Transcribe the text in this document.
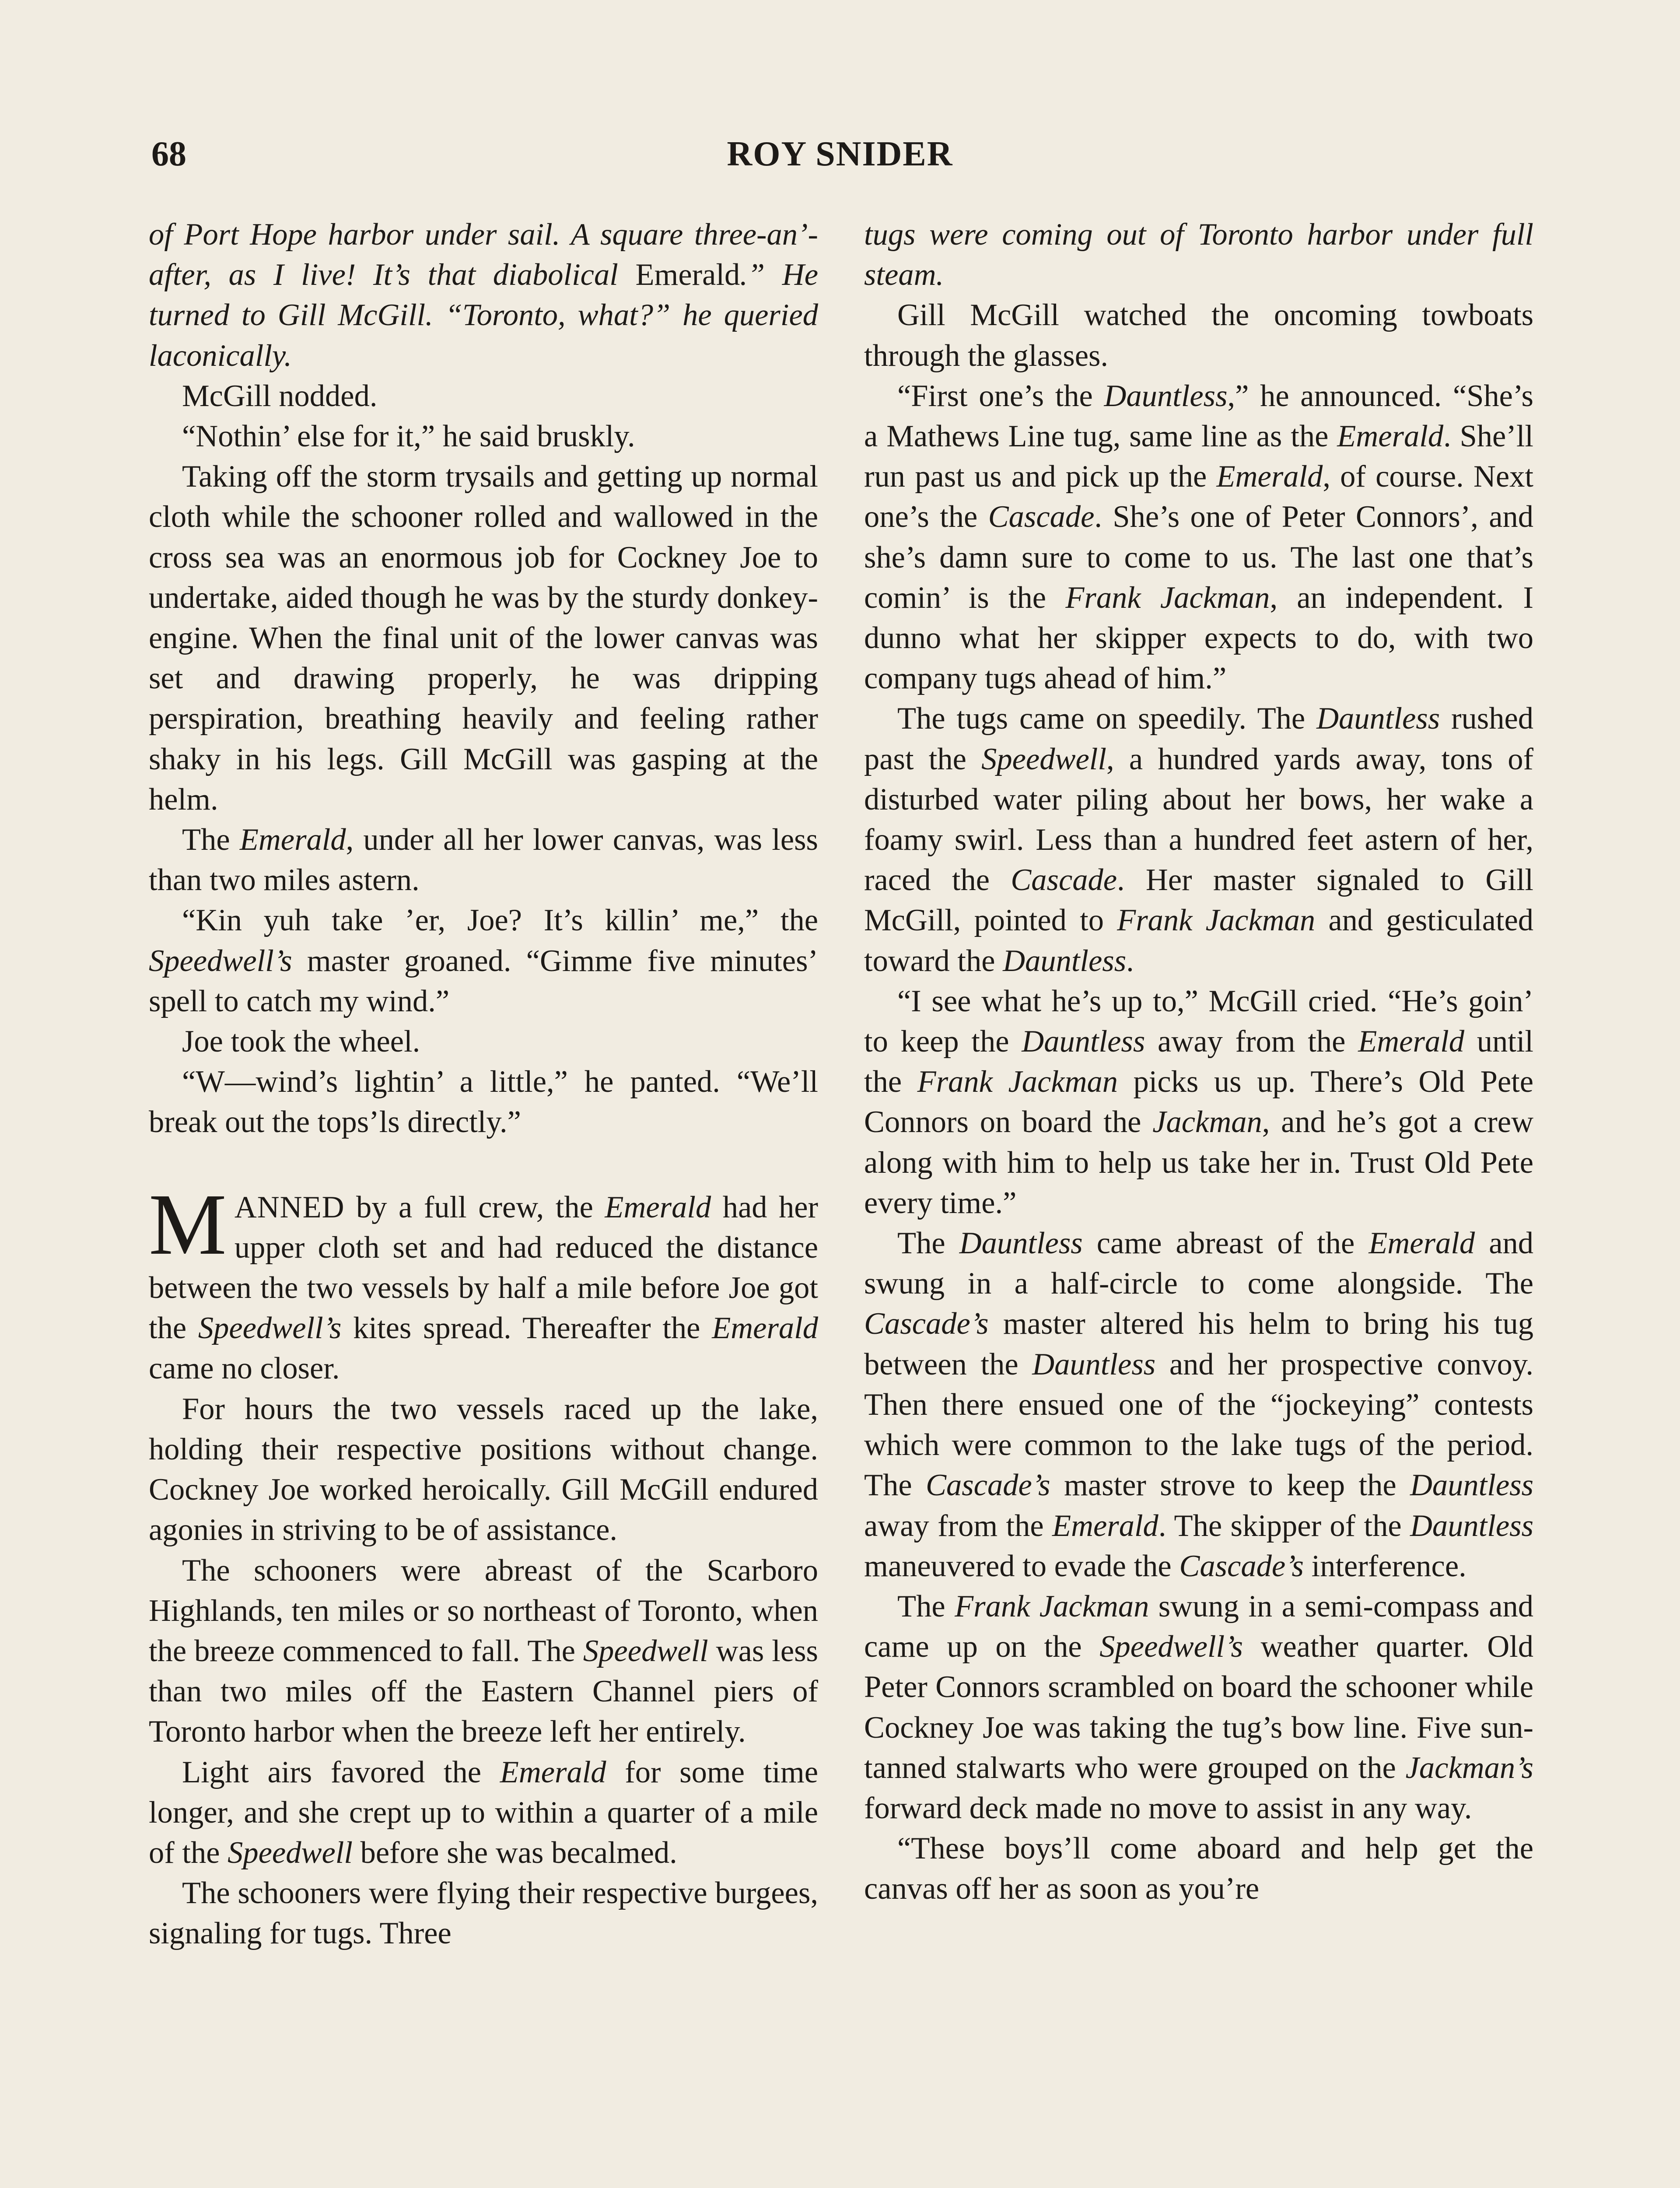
68	ROY SNIDER

of Port Hope harbor under sail. A square three-an’-after, as I live! It’s that diabolical Emerald.” He turned to Gill McGill. “Toronto, what?” he queried laconically.

McGill nodded.

“Nothin’ else for it,” he said bruskly.

Taking off the storm trysails and getting up normal cloth while the schooner rolled and wallowed in the cross sea was an enormous job for Cockney Joe to undertake, aided though he was by the sturdy donkey-engine. When the final unit of the lower canvas was set and drawing properly, he was dripping perspiration, breathing heavily and feeling rather shaky in his legs. Gill McGill was gasping at the helm.

The Emerald, under all her lower canvas, was less than two miles astern.

“Kin yuh take ’er, Joe? It’s killin’ me,” the Speedwell’s master groaned. “Gimme five minutes’ spell to catch my wind.”

Joe took the wheel.

“W—wind’s lightin’ a little,” he panted. “We’ll break out the tops’ls directly.”

MANNED by a full crew, the Emerald had her upper cloth set and had reduced the distance between the two vessels by half a mile before Joe got the Speedwell’s kites spread. Thereafter the Emerald came no closer.

For hours the two vessels raced up the lake, holding their respective positions without change. Cockney Joe worked heroically. Gill McGill endured agonies in striving to be of assistance.

The schooners were abreast of the Scarboro Highlands, ten miles or so northeast of Toronto, when the breeze commenced to fall. The Speedwell was less than two miles off the Eastern Channel piers of Toronto harbor when the breeze left her entirely.

Light airs favored the Emerald for some time longer, and she crept up to within a quarter of a mile of the Speedwell before she was becalmed.

The schooners were flying their respective burgees, signaling for tugs. Three

tugs were coming out of Toronto harbor under full steam.

Gill McGill watched the oncoming towboats through the glasses.

“First one’s the Dauntless,” he announced. “She’s a Mathews Line tug, same line as the Emerald. She’ll run past us and pick up the Emerald, of course. Next one’s the Cascade. She’s one of Peter Connors’, and she’s damn sure to come to us. The last one that’s comin’ is the Frank Jackman, an independent. I dunno what her skipper expects to do, with two company tugs ahead of him.”

The tugs came on speedily. The Dauntless rushed past the Speedwell, a hundred yards away, tons of disturbed water piling about her bows, her wake a foamy swirl. Less than a hundred feet astern of her, raced the Cascade. Her master signaled to Gill McGill, pointed to Frank Jackman and gesticulated toward the Dauntless.

“I see what he’s up to,” McGill cried. “He’s goin’ to keep the Dauntless away from the Emerald until the Frank Jackman picks us up. There’s Old Pete Connors on board the Jackman, and he’s got a crew along with him to help us take her in. Trust Old Pete every time.”

The Dauntless came abreast of the Emerald and swung in a half-circle to come alongside. The Cascade’s master altered his helm to bring his tug between the Dauntless and her prospective convoy. Then there ensued one of the “jockeying” contests which were common to the lake tugs of the period. The Cascade’s master strove to keep the Dauntless away from the Emerald. The skipper of the Dauntless maneuvered to evade the Cascade’s interference.

The Frank Jackman swung in a semi-compass and came up on the Speedwell’s weather quarter. Old Peter Connors scrambled on board the schooner while Cockney Joe was taking the tug’s bow line. Five sun-tanned stalwarts who were grouped on the Jackman’s forward deck made no move to assist in any way.

“These boys’ll come aboard and help get the canvas off her as soon as you’re
